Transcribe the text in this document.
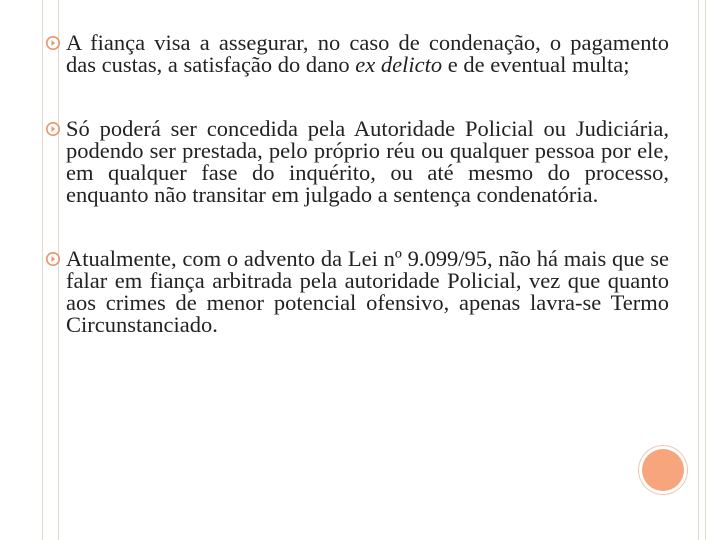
A fiança visa a assegurar, no caso de condenação, o pagamento das custas, a satisfação do dano ex delicto e de eventual multa;

Só poderá ser concedida pela Autoridade Policial ou Judiciária, podendo ser prestada, pelo próprio réu ou qualquer pessoa por ele, em qualquer fase do inquérito, ou até mesmo do processo, enquanto não transitar em julgado a sentença condenatória.

Atualmente, com o advento da Lei nº 9.099/95, não há mais que se falar em fiança arbitrada pela autoridade Policial, vez que quanto aos crimes de menor potencial ofensivo, apenas lavra-se Termo Circunstanciado.
